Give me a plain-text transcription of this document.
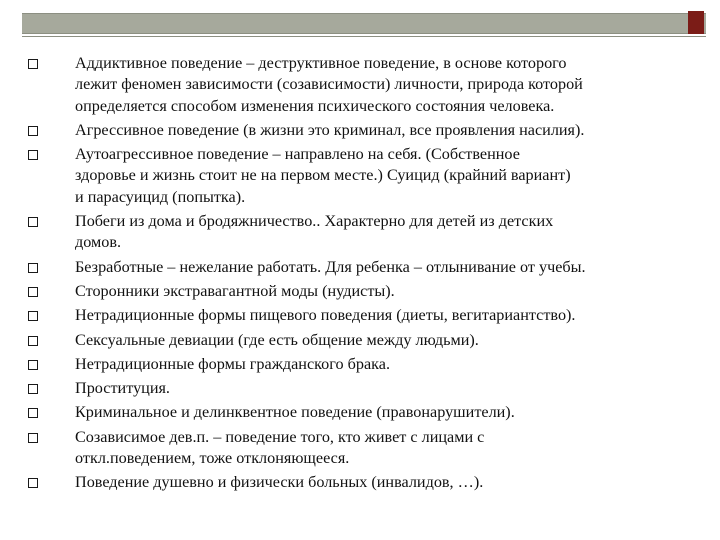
Аддиктивное поведение – деструктивное поведение, в основе которого
лежит феномен зависимости (созависимости) личности, природа которой
определяется способом изменения психического состояния человека.
Агрессивное поведение (в жизни это криминал, все проявления насилия).
Аутоагрессивное поведение – направлено на себя. (Собственное
здоровье и жизнь стоит не на первом месте.) Суицид (крайний вариант)
и парасуицид (попытка).
Побеги из дома и бродяжничество.. Характерно для детей из детских
домов.
Безработные – нежелание работать. Для ребенка – отлынивание от учебы.
Сторонники экстравагантной моды (нудисты).
Нетрадиционные формы пищевого поведения (диеты, вегитариантство).
Сексуальные девиации (где есть общение между людьми).
Нетрадиционные формы гражданского брака.
Проституция.
Криминальное и делинквентное поведение (правонарушители).
Созависимое дев.п. – поведение того, кто живет с лицами с
откл.поведением, тоже отклоняющееся.
Поведение душевно и физически больных (инвалидов, …).
